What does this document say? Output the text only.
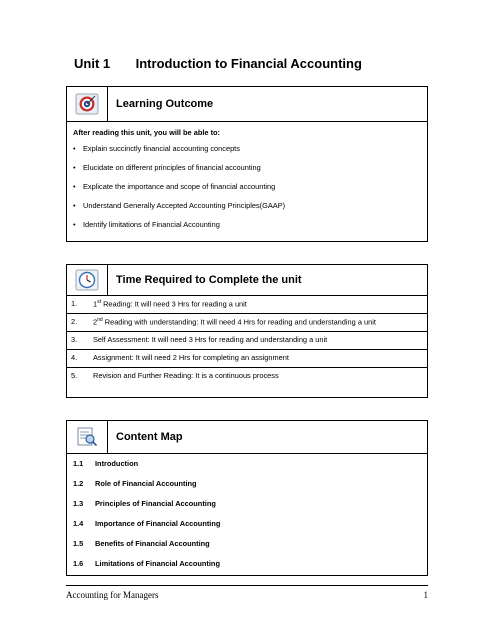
Unit 1 Introduction to Financial Accounting
Learning Outcome
After reading this unit, you will be able to:
•	Explain succinctly financial accounting concepts
•	Elucidate on different principles of financial accounting
•	Explicate the importance and scope of financial accounting
•	Understand Generally Accepted Accounting Principles(GAAP)
•	Identify limitations of Financial Accounting
Time Required to Complete the unit
1.	1st Reading: It will need 3 Hrs for reading a unit
2.	2nd Reading with understanding: It will need 4 Hrs for reading and understanding a unit
3.	Self Assessment: It will need 3 Hrs for reading and understanding a unit
4.	Assignment: It will need 2 Hrs for completing an assignment
5.	Revision and Further Reading: It is a continuous process
Content Map
1.1	Introduction
1.2	Role of Financial Accounting
1.3	Principles of Financial Accounting
1.4	Importance of Financial Accounting
1.5	Benefits of Financial Accounting
1.6	Limitations of Financial Accounting
Accounting for Managers	1
